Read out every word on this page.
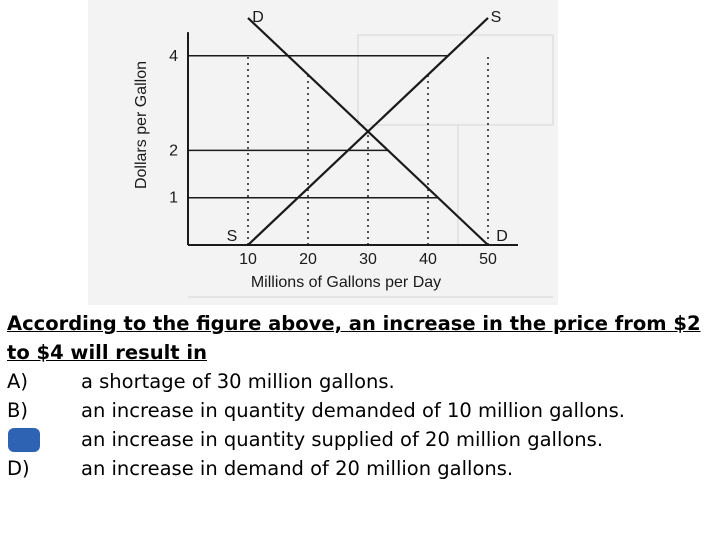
10	20	30	40	50
1
2
4
D
D
S
S
Dollars per Gallon
Millions of Gallons per Day
According to the figure above, an increase in the price from $2 to $4 will result in
A)	a shortage of 30 million gallons.
B)	an increase in quantity demanded of 10 million gallons.
an increase in quantity supplied of 20 million gallons.
D)	an increase in demand of 20 million gallons.
